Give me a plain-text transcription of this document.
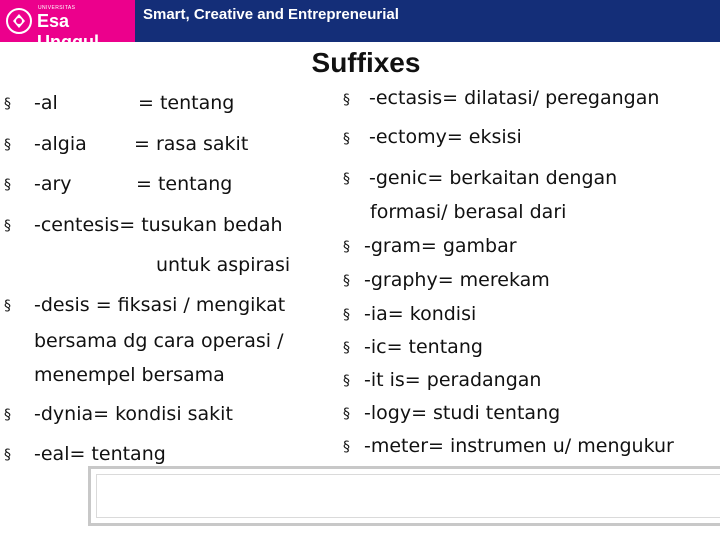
UNIVERSITAS
Esa Unggul
Smart, Creative and Entrepreneurial
Suffixes
§ -al	= tentang
§ -algia = rasa sakit
§ -ary	= tentang
§ -centesis= tusukan bedah
untuk aspirasi
§ -desis = fiksasi / mengikat
bersama dg cara operasi /
menempel bersama
§ -dynia= kondisi sakit
§ -eal= tentang
§ -ectasis= dilatasi/ peregangan
§ -ectomy= eksisi
§ -genic= berkaitan dengan
formasi/ berasal dari
§ -gram= gambar
§ -graphy= merekam
§ -ia= kondisi
§ -ic= tentang
§ -it is= peradangan
§ -logy= studi tentang
§ -meter= instrumen u/ mengukur
